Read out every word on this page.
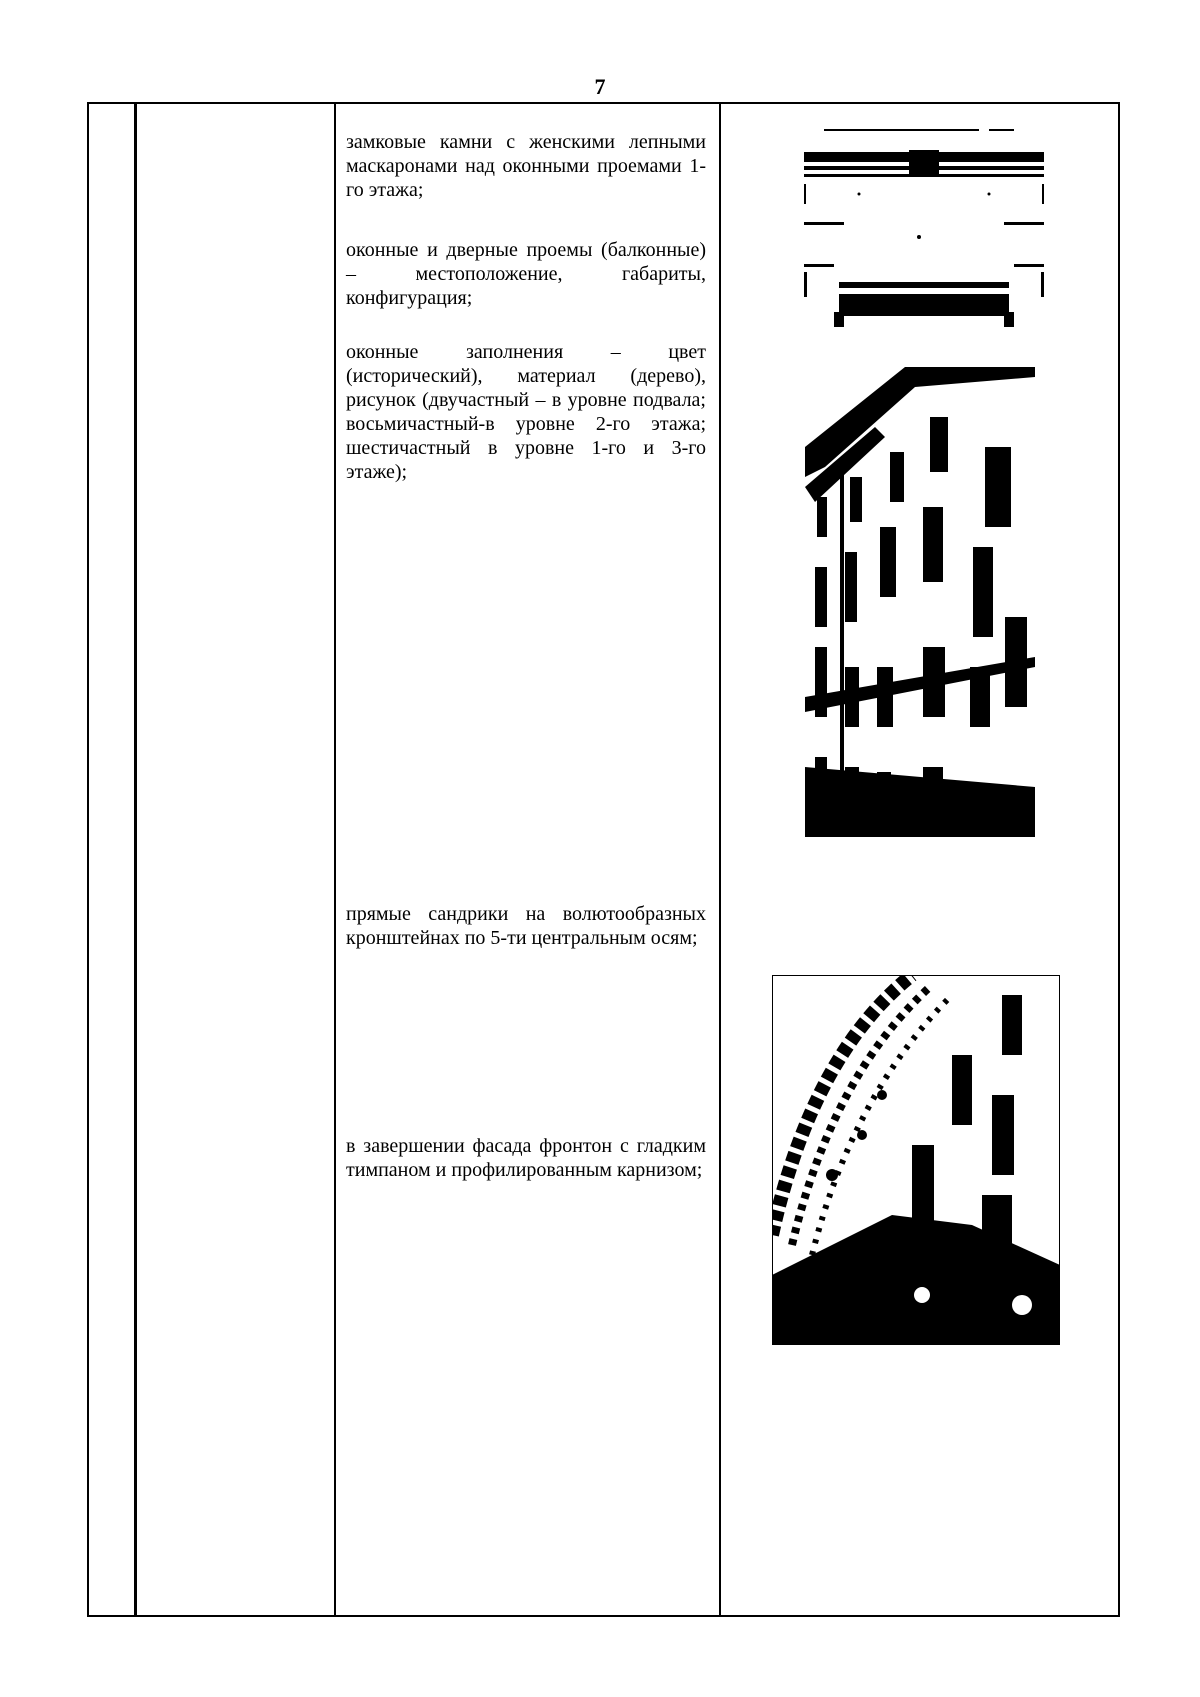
7
замковые камни с женскими лепными маскаронами над оконными проемами 1-го этажа;
оконные и дверные проемы (балконные) – местоположение, габариты, конфигурация;
оконные заполнения – цвет (исторический), материал (дерево), рисунок (двучастный – в уровне подвала; восьмичастный-в уровне 2-го этажа; шестичастный в уровне 1-го и 3-го этаже);
прямые сандрики на волютообразных кронштейнах по 5-ти центральным осям;
в завершении фасада фронтон с гладким тимпаном и профилированным карнизом;
